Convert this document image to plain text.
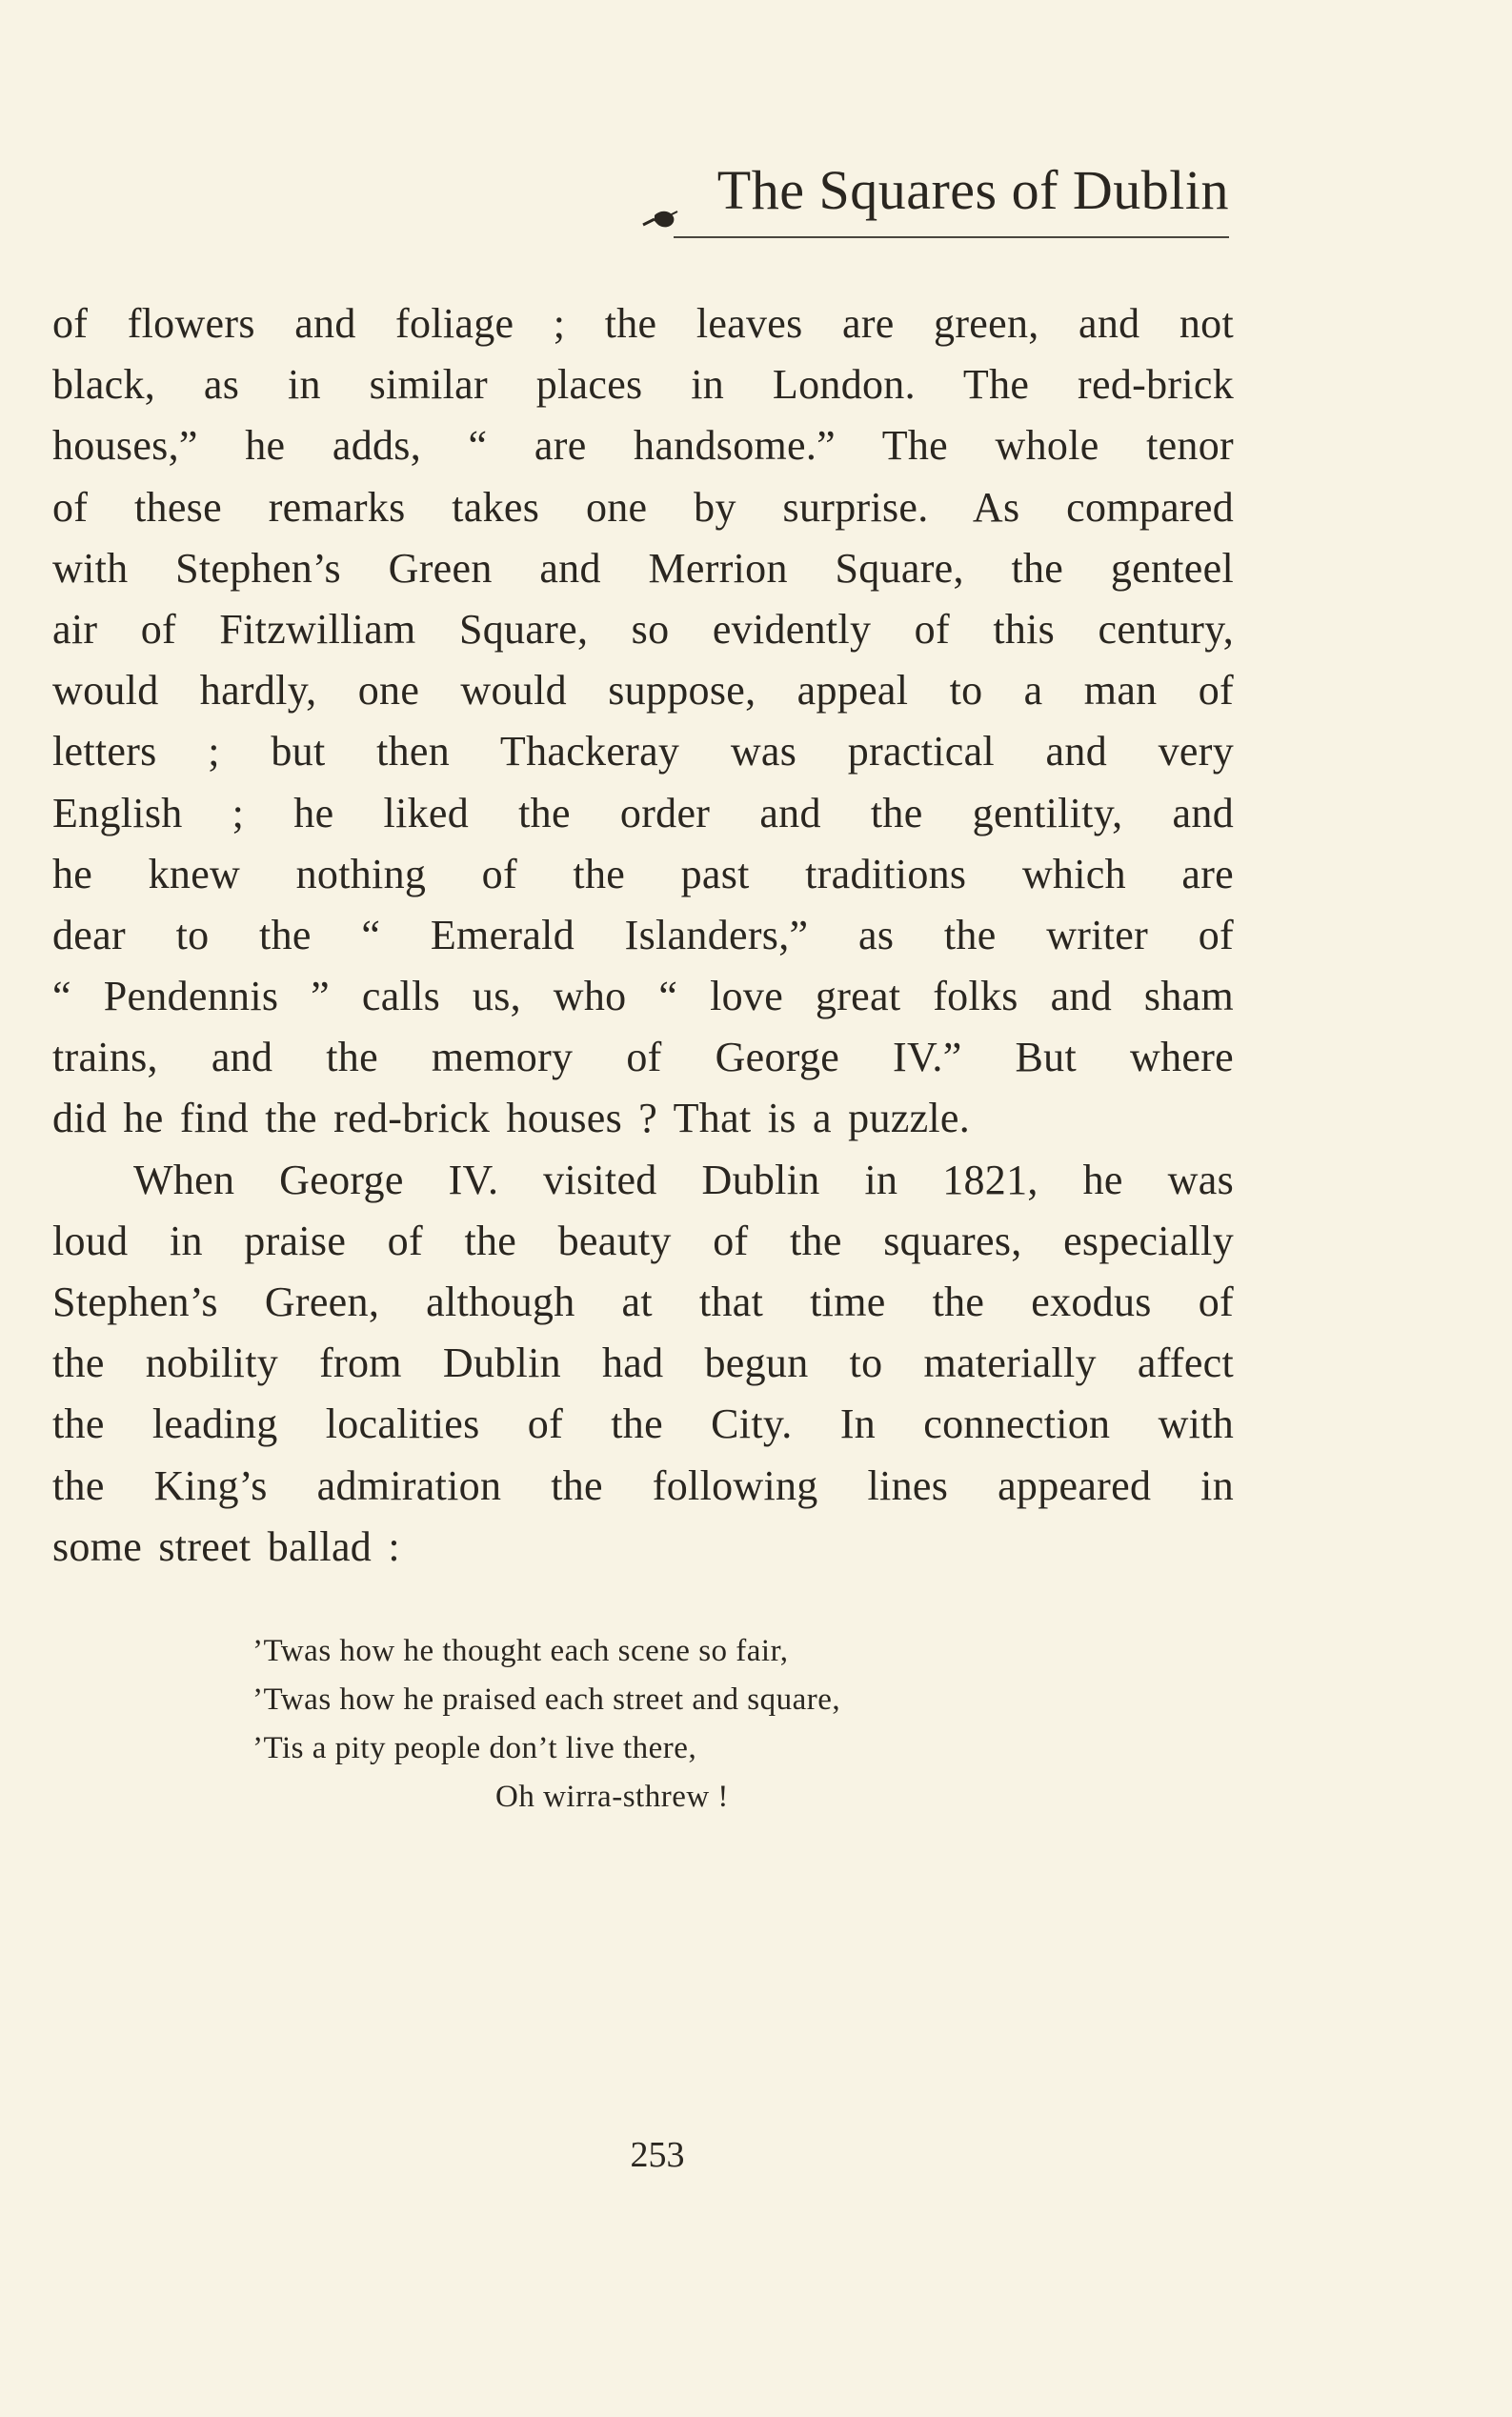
The Squares of Dublin
of flowers and foliage ; the leaves are green, and not
black, as in similar places in London. The red-brick
houses,” he adds, “ are handsome.” The whole tenor
of these remarks takes one by surprise. As compared
with Stephen’s Green and Merrion Square, the genteel
air of Fitzwilliam Square, so evidently of this century,
would hardly, one would suppose, appeal to a man of
letters ; but then Thackeray was practical and very
English ; he liked the order and the gentility, and
he knew nothing of the past traditions which are
dear to the “ Emerald Islanders,” as the writer of
“ Pendennis ” calls us, who “ love great folks and sham
trains, and the memory of George IV.” But where
did he find the red-brick houses ? That is a puzzle.
When George IV. visited Dublin in 1821, he was
loud in praise of the beauty of the squares, especially
Stephen’s Green, although at that time the exodus of
the nobility from Dublin had begun to materially affect
the leading localities of the City. In connection with
the King’s admiration the following lines appeared in
some street ballad :
’Twas how he thought each scene so fair,
’Twas how he praised each street and square,
’Tis a pity people don’t live there,
Oh wirra-sthrew !
253
